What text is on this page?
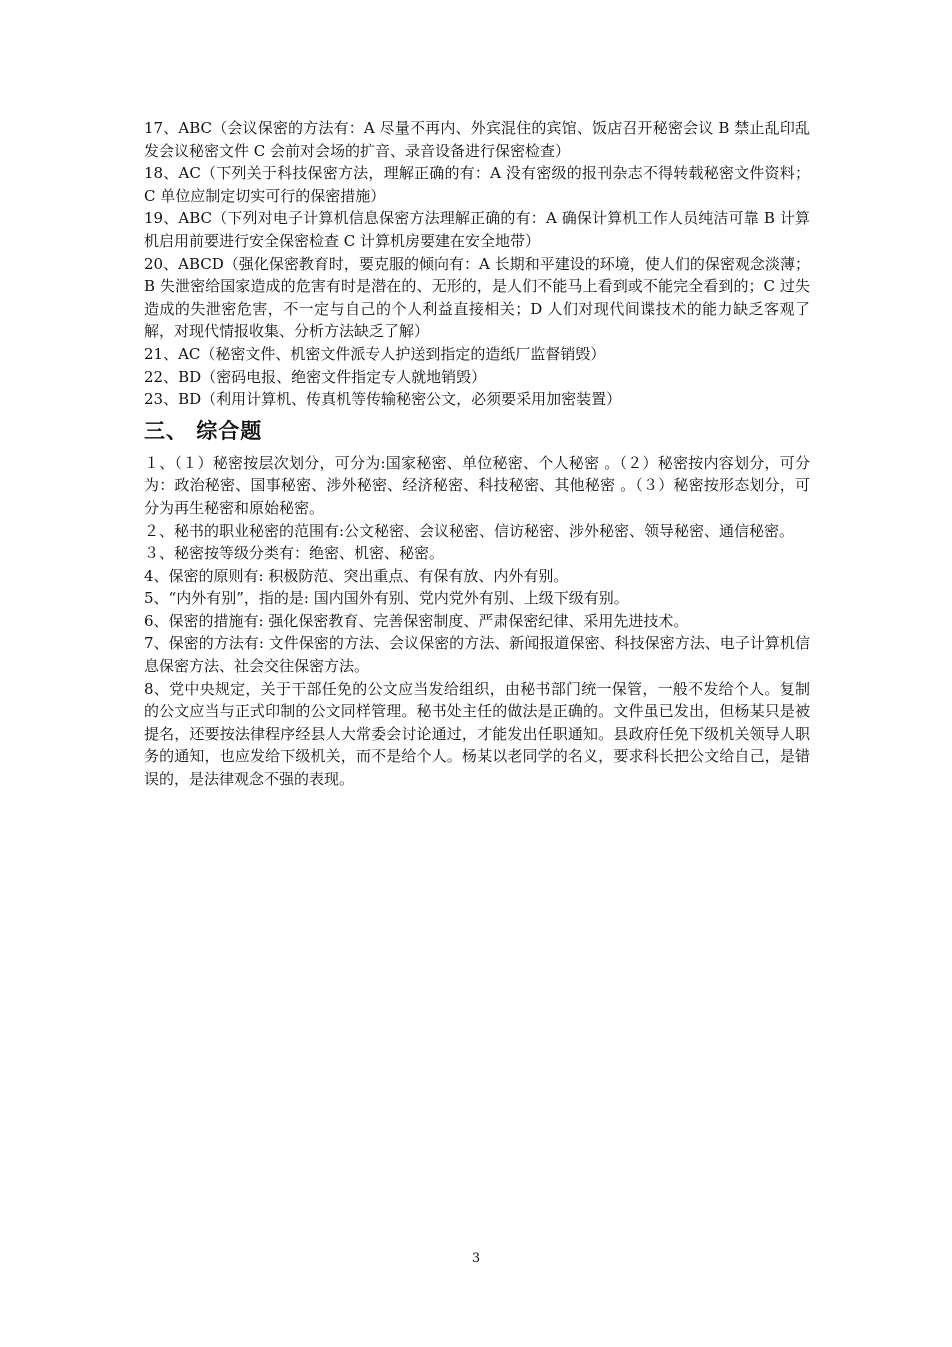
17、ABC（会议保密的方法有：A 尽量不再内、外宾混住的宾馆、饭店召开秘密会议 B 禁止乱印乱发会议秘密文件 C 会前对会场的扩音、录音设备进行保密检查）

18、AC（下列关于科技保密方法，理解正确的有：A 没有密级的报刊杂志不得转载秘密文件资料； C 单位应制定切实可行的保密措施）

19、ABC（下列对电子计算机信息保密方法理解正确的有：A 确保计算机工作人员纯洁可靠 B 计算机启用前要进行安全保密检查 C 计算机房要建在安全地带）

20、ABCD（强化保密教育时，要克服的倾向有：A 长期和平建设的环境，使人们的保密观念淡薄；B 失泄密给国家造成的危害有时是潜在的、无形的，是人们不能马上看到或不能完全看到的；C 过失造成的失泄密危害，不一定与自己的个人利益直接相关；D 人们对现代间谍技术的能力缺乏客观了解，对现代情报收集、分析方法缺乏了解）

21、AC（秘密文件、机密文件派专人护送到指定的造纸厂监督销毁）

22、BD（密码电报、绝密文件指定专人就地销毁）

23、BD（利用计算机、传真机等传输秘密公文，必须要采用加密装置）

三、 综合题

１、（１）秘密按层次划分，可分为:国家秘密、单位秘密、个人秘密 。（２）秘密按内容划分，可分为：政治秘密、国事秘密、涉外秘密、经济秘密、科技秘密、其他秘密 。（３）秘密按形态划分，可分为再生秘密和原始秘密。

２、秘书的职业秘密的范围有:公文秘密、会议秘密、信访秘密、涉外秘密、领导秘密、通信秘密。

３、秘密按等级分类有：绝密、机密、秘密。

4、保密的原则有: 积极防范、突出重点、有保有放、内外有别。

5、“内外有别”，指的是: 国内国外有别、党内党外有别、上级下级有别。

6、保密的措施有: 强化保密教育、完善保密制度、严肃保密纪律、采用先进技术。

7、保密的方法有: 文件保密的方法、会议保密的方法、新闻报道保密、科技保密方法、电子计算机信息保密方法、社会交往保密方法。

8、党中央规定，关于干部任免的公文应当发给组织，由秘书部门统一保管，一般不发给个人。复制的公文应当与正式印制的公文同样管理。秘书处主任的做法是正确的。文件虽已发出，但杨某只是被提名，还要按法律程序经县人大常委会讨论通过，才能发出任职通知。县政府任免下级机关领导人职务的通知，也应发给下级机关，而不是给个人。杨某以老同学的名义，要求科长把公文给自己，是错误的，是法律观念不强的表现。

3
